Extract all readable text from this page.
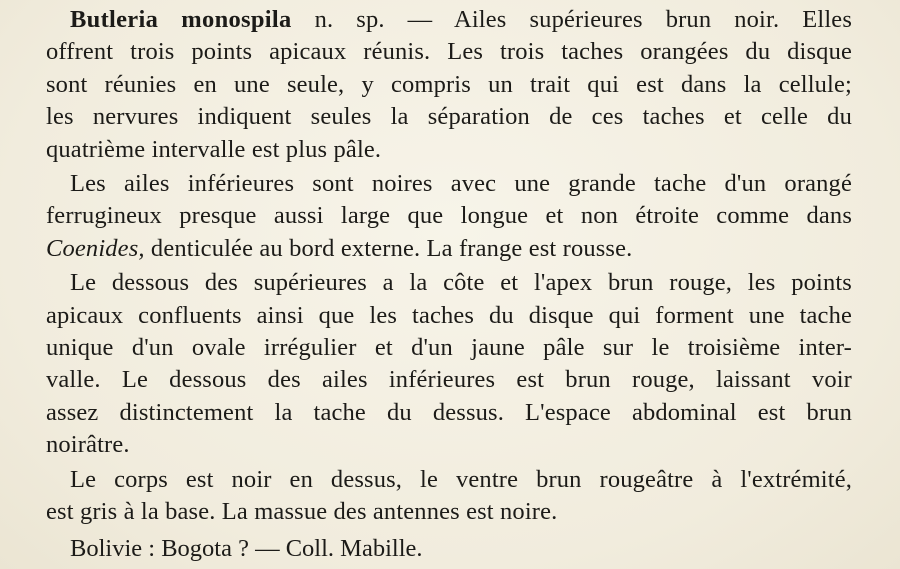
Butleria monospila n. sp. — Ailes supérieures brun noir. Elles
offrent trois points apicaux réunis. Les trois taches orangées du disque
sont réunies en une seule, y compris un trait qui est dans la cellule;
les nervures indiquent seules la séparation de ces taches et celle du
quatrième intervalle est plus pâle.
Les ailes inférieures sont noires avec une grande tache d'un orangé
ferrugineux presque aussi large que longue et non étroite comme dans
Coenides, denticulée au bord externe. La frange est rousse.
Le dessous des supérieures a la côte et l'apex brun rouge, les points
apicaux confluents ainsi que les taches du disque qui forment une tache
unique d'un ovale irrégulier et d'un jaune pâle sur le troisième inter-
valle. Le dessous des ailes inférieures est brun rouge, laissant voir
assez distinctement la tache du dessus. L'espace abdominal est brun
noirâtre.
Le corps est noir en dessus, le ventre brun rougeâtre à l'extrémité,
est gris à la base. La massue des antennes est noire.
Bolivie : Bogota ? — Coll. Mabille.
